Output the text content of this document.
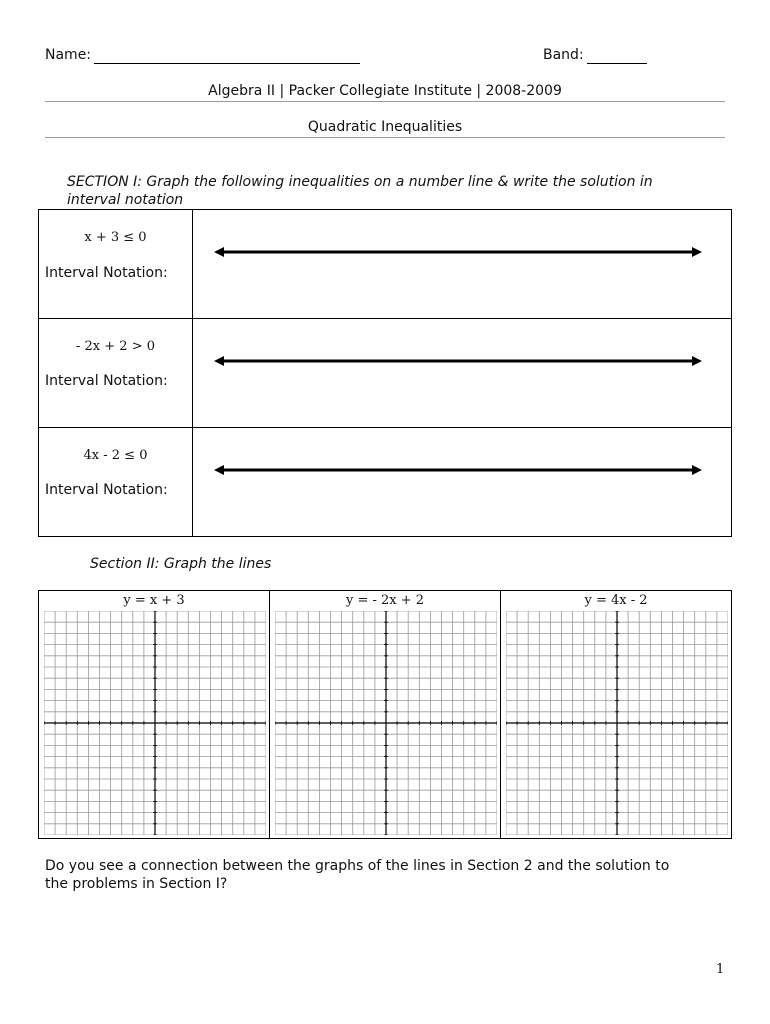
Name:	Band:
Algebra II | Packer Collegiate Institute | 2008-2009
Quadratic Inequalities
SECTION I: Graph the following inequalities on a number line & write the solution in
interval notation
x + 3 ≤ 0
Interval Notation:
- 2x + 2 > 0
Interval Notation:
4x - 2 ≤ 0
Interval Notation:
Section II: Graph the lines
y = x + 3	y = - 2x + 2	y = 4x - 2
Do you see a connection between the graphs of the lines in Section 2 and the solution to
the problems in Section I?
1
